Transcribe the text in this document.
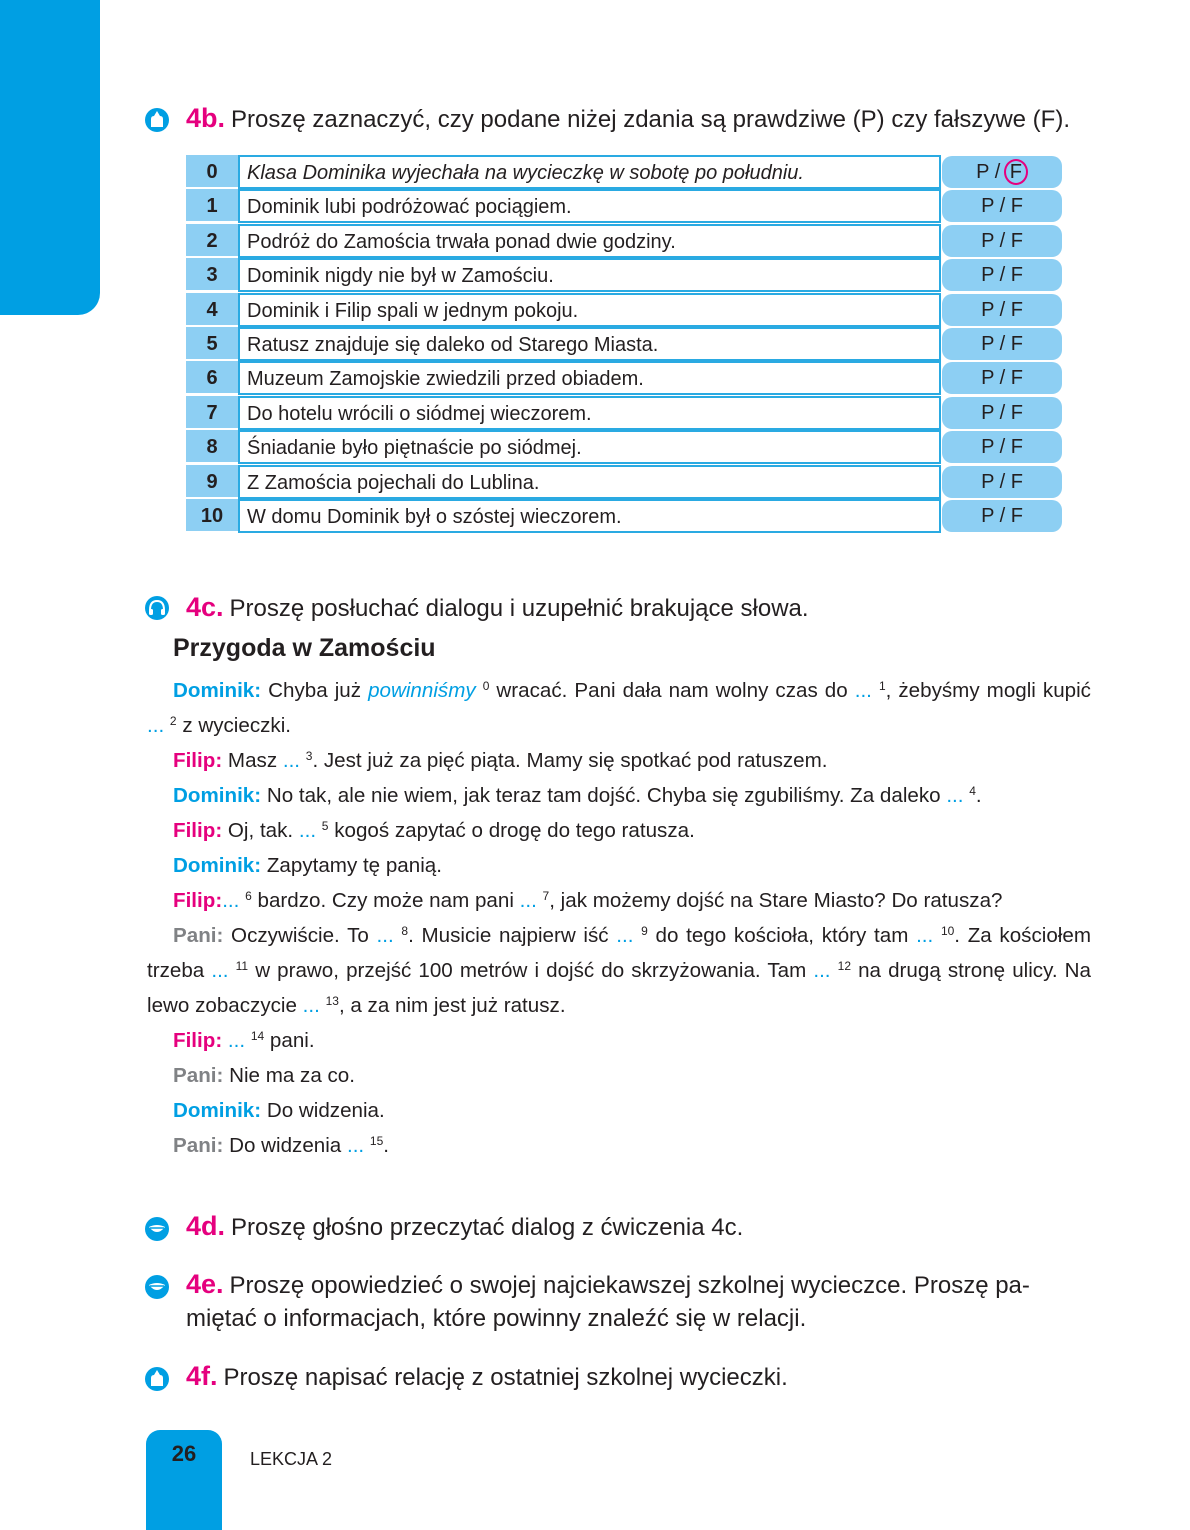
4b. Proszę zaznaczyć, czy podane niżej zdania są prawdziwe (P) czy fałszywe (F).
0	Klasa Dominika wyjechała na wycieczkę w sobotę po południu.	P / F
1	Dominik lubi podróżować pociągiem.	P / F
2	Podróż do Zamościa trwała ponad dwie godziny.	P / F
3	Dominik nigdy nie był w Zamościu.	P / F
4	Dominik i Filip spali w jednym pokoju.	P / F
5	Ratusz znajduje się daleko od Starego Miasta.	P / F
6	Muzeum Zamojskie zwiedzili przed obiadem.	P / F
7	Do hotelu wrócili o siódmej wieczorem.	P / F
8	Śniadanie było piętnaście po siódmej.	P / F
9	Z Zamościa pojechali do Lublina.	P / F
10	W domu Dominik był o szóstej wieczorem.	P / F
4c. Proszę posłuchać dialogu i uzupełnić brakujące słowa.
Przygoda w Zamościu

Dominik: Chyba już powinniśmy $^0$ wracać. Pani dała nam wolny czas do ... $^1$, żebyśmy mogli kupić ... $^2$ z wycieczki.

Filip: Masz ... $^3$. Jest już za pięć piąta. Mamy się spotkać pod ratuszem.

Dominik: No tak, ale nie wiem, jak teraz tam dojść. Chyba się zgubiliśmy. Za daleko ... $^4$.

Filip: Oj, tak. ... $^5$ kogoś zapytać o drogę do tego ratusza.

Dominik: Zapytamy tę panią.

Filip:... $^6$ bardzo. Czy może nam pani ... $^7$, jak możemy dojść na Stare Miasto? Do ratusza?

Pani: Oczywiście. To ... $^8$. Musicie najpierw iść ... $^9$ do tego kościoła, który tam ... $^{10}$. Za kościołem trzeba ... $^{11}$ w prawo, przejść 100 metrów i dojść do skrzyżowania. Tam ... $^{12}$ na drugą stronę ulicy. Na lewo zobaczycie ... $^{13}$, a za nim jest już ratusz.

Filip: ... $^{14}$ pani.

Pani: Nie ma za co.

Dominik: Do widzenia.

Pani: Do widzenia ... $^{15}$.

4d. Proszę głośno przeczytać dialog z ćwiczenia 4c.
4e. Proszę opowiedzieć o swojej najciekawszej szkolnej wycieczce. Proszę pa-
miętać o informacjach, które powinny znaleźć się w relacji.
4f. Proszę napisać relację z ostatniej szkolnej wycieczki.
26	LEKCJA 2
